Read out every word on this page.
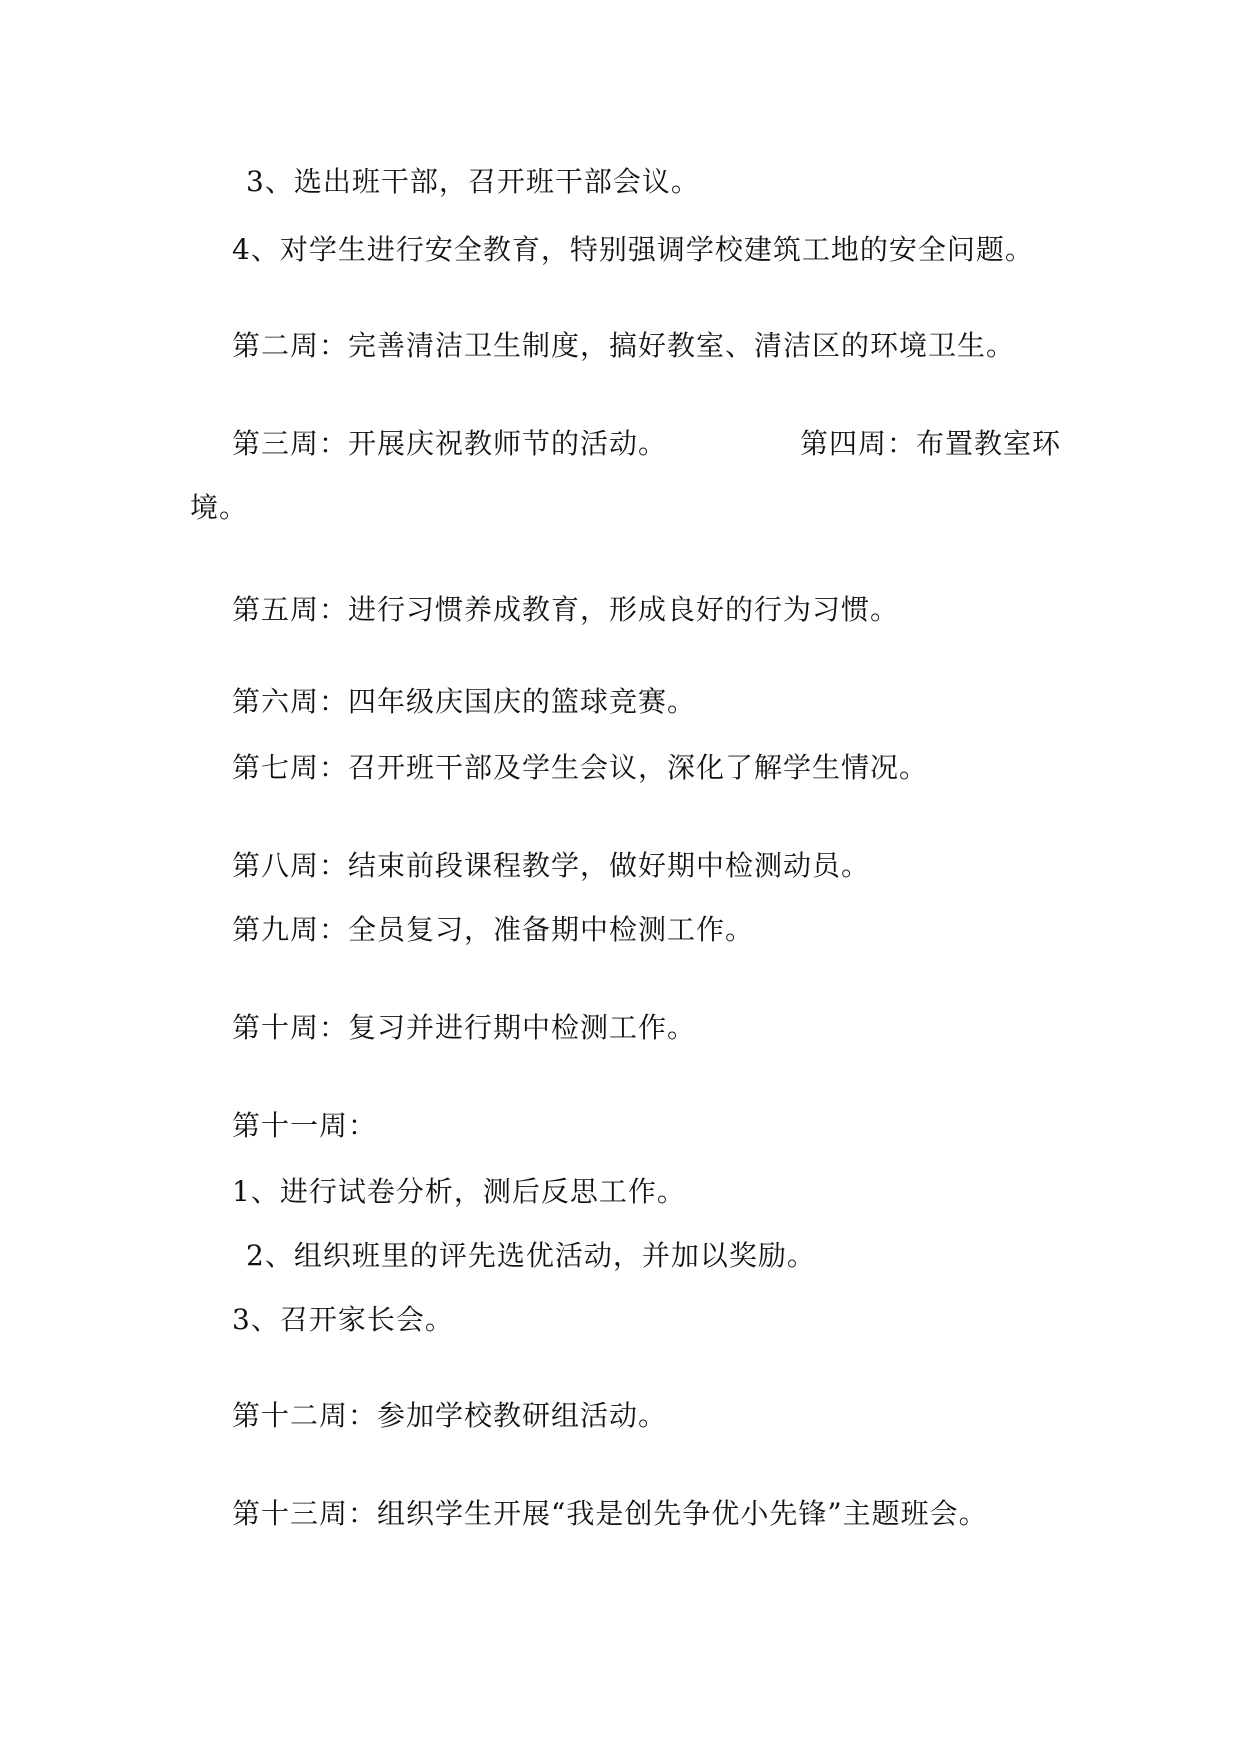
3、选出班干部，召开班干部会议。

4、对学生进行安全教育，特别强调学校建筑工地的安全问题。

第二周：完善清洁卫生制度，搞好教室、清洁区的环境卫生。

第三周：开展庆祝教师节的活动。	第四周：布置教室环

境。

第五周：进行习惯养成教育，形成良好的行为习惯。

第六周：四年级庆国庆的篮球竞赛。

第七周：召开班干部及学生会议，深化了解学生情况。

第八周：结束前段课程教学，做好期中检测动员。

第九周：全员复习，准备期中检测工作。

第十周：复习并进行期中检测工作。

第十一周：

1、进行试卷分析，测后反思工作。

2、组织班里的评先选优活动，并加以奖励。

3、召开家长会。

第十二周：参加学校教研组活动。

第十三周：组织学生开展“我是创先争优小先锋”主题班会。
